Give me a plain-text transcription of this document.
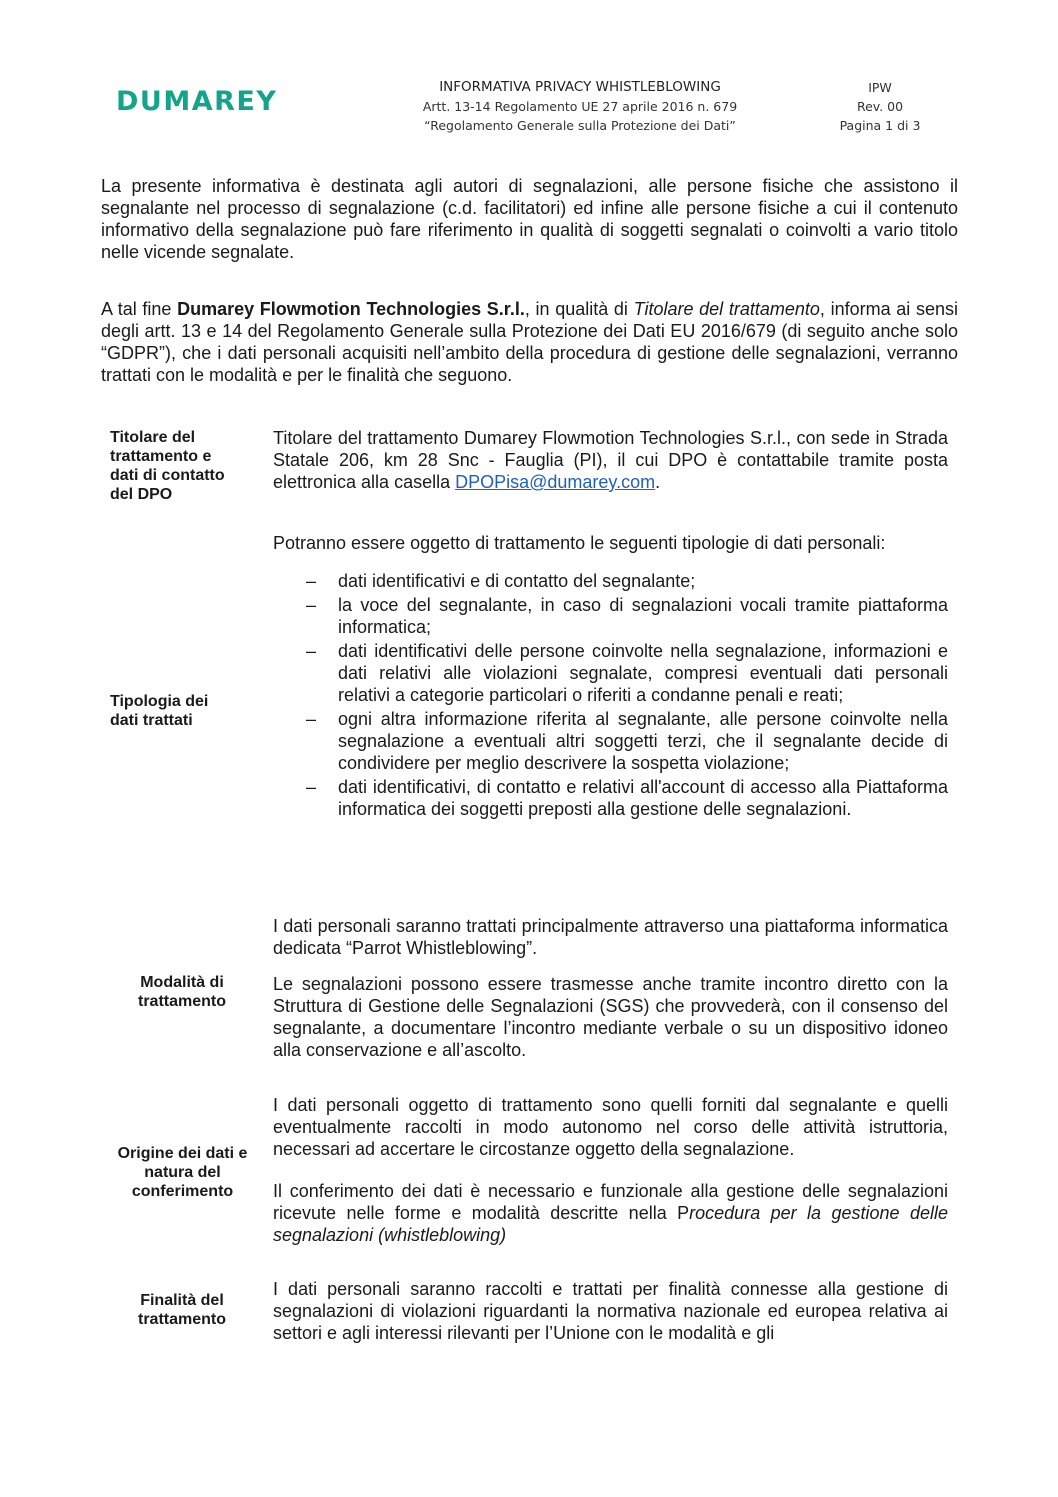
DUMAREY	INFORMATIVA PRIVACY WHISTLEBLOWING
Artt. 13-14 Regolamento UE 27 aprile 2016 n. 679
“Regolamento Generale sulla Protezione dei Dati”
IPW
Rev. 00
Pagina 1 di 3

La presente informativa è destinata agli autori di segnalazioni, alle persone fisiche che assistono il segnalante nel processo di segnalazione (c.d. facilitatori) ed infine alle persone fisiche a cui il contenuto informativo della segnalazione può fare riferimento in qualità di soggetti segnalati o coinvolti a vario titolo nelle vicende segnalate.

A tal fine Dumarey Flowmotion Technologies S.r.l., in qualità di Titolare del trattamento, informa ai sensi degli artt. 13 e 14 del Regolamento Generale sulla Protezione dei Dati EU 2016/679 (di seguito anche solo “GDPR”), che i dati personali acquisiti nell’ambito della procedura di gestione delle segnalazioni, verranno trattati con le modalità e per le finalità che seguono.

Titolare del
trattamento e
dati di contatto
del DPO

Titolare del trattamento Dumarey Flowmotion Technologies S.r.l., con sede in Strada Statale 206, km 28 Snc - Fauglia (PI), il cui DPO è contattabile tramite posta elettronica alla casella DPOPisa@dumarey.com.

Potranno essere oggetto di trattamento le seguenti tipologie di dati personali:

Tipologia dei
dati trattati
– dati identificativi e di contatto del segnalante;
– la voce del segnalante, in caso di segnalazioni vocali tramite piattaforma informatica;
– dati identificativi delle persone coinvolte nella segnalazione, informazioni e dati relativi alle violazioni segnalate, compresi eventuali dati personali relativi a categorie particolari o riferiti a condanne penali e reati;
– ogni altra informazione riferita al segnalante, alle persone coinvolte nella segnalazione a eventuali altri soggetti terzi, che il segnalante decide di condividere per meglio descrivere la sospetta violazione;
– dati identificativi, di contatto e relativi all'account di accesso alla Piattaforma informatica dei soggetti preposti alla gestione delle segnalazioni.

I dati personali saranno trattati principalmente attraverso una piattaforma informatica dedicata “Parrot Whistleblowing”.

Modalità di
trattamento

Le segnalazioni possono essere trasmesse anche tramite incontro diretto con la Struttura di Gestione delle Segnalazioni (SGS) che provvederà, con il consenso del segnalante, a documentare l’incontro mediante verbale o su un dispositivo idoneo alla conservazione e all’ascolto.

I dati personali oggetto di trattamento sono quelli forniti dal segnalante e quelli eventualmente raccolti in modo autonomo nel corso delle attività istruttoria, necessari ad accertare le circostanze oggetto della segnalazione.

Origine dei dati e
natura del
conferimento	Il conferimento dei dati è necessario e funzionale alla gestione delle segnalazioni ricevute nelle forme e modalità descritte nella Procedura per la gestione delle segnalazioni (whistleblowing)

Finalità del
trattamento

I dati personali saranno raccolti e trattati per finalità connesse alla gestione di segnalazioni di violazioni riguardanti la normativa nazionale ed europea relativa ai settori e agli interessi rilevanti per l’Unione con le modalità e gli
